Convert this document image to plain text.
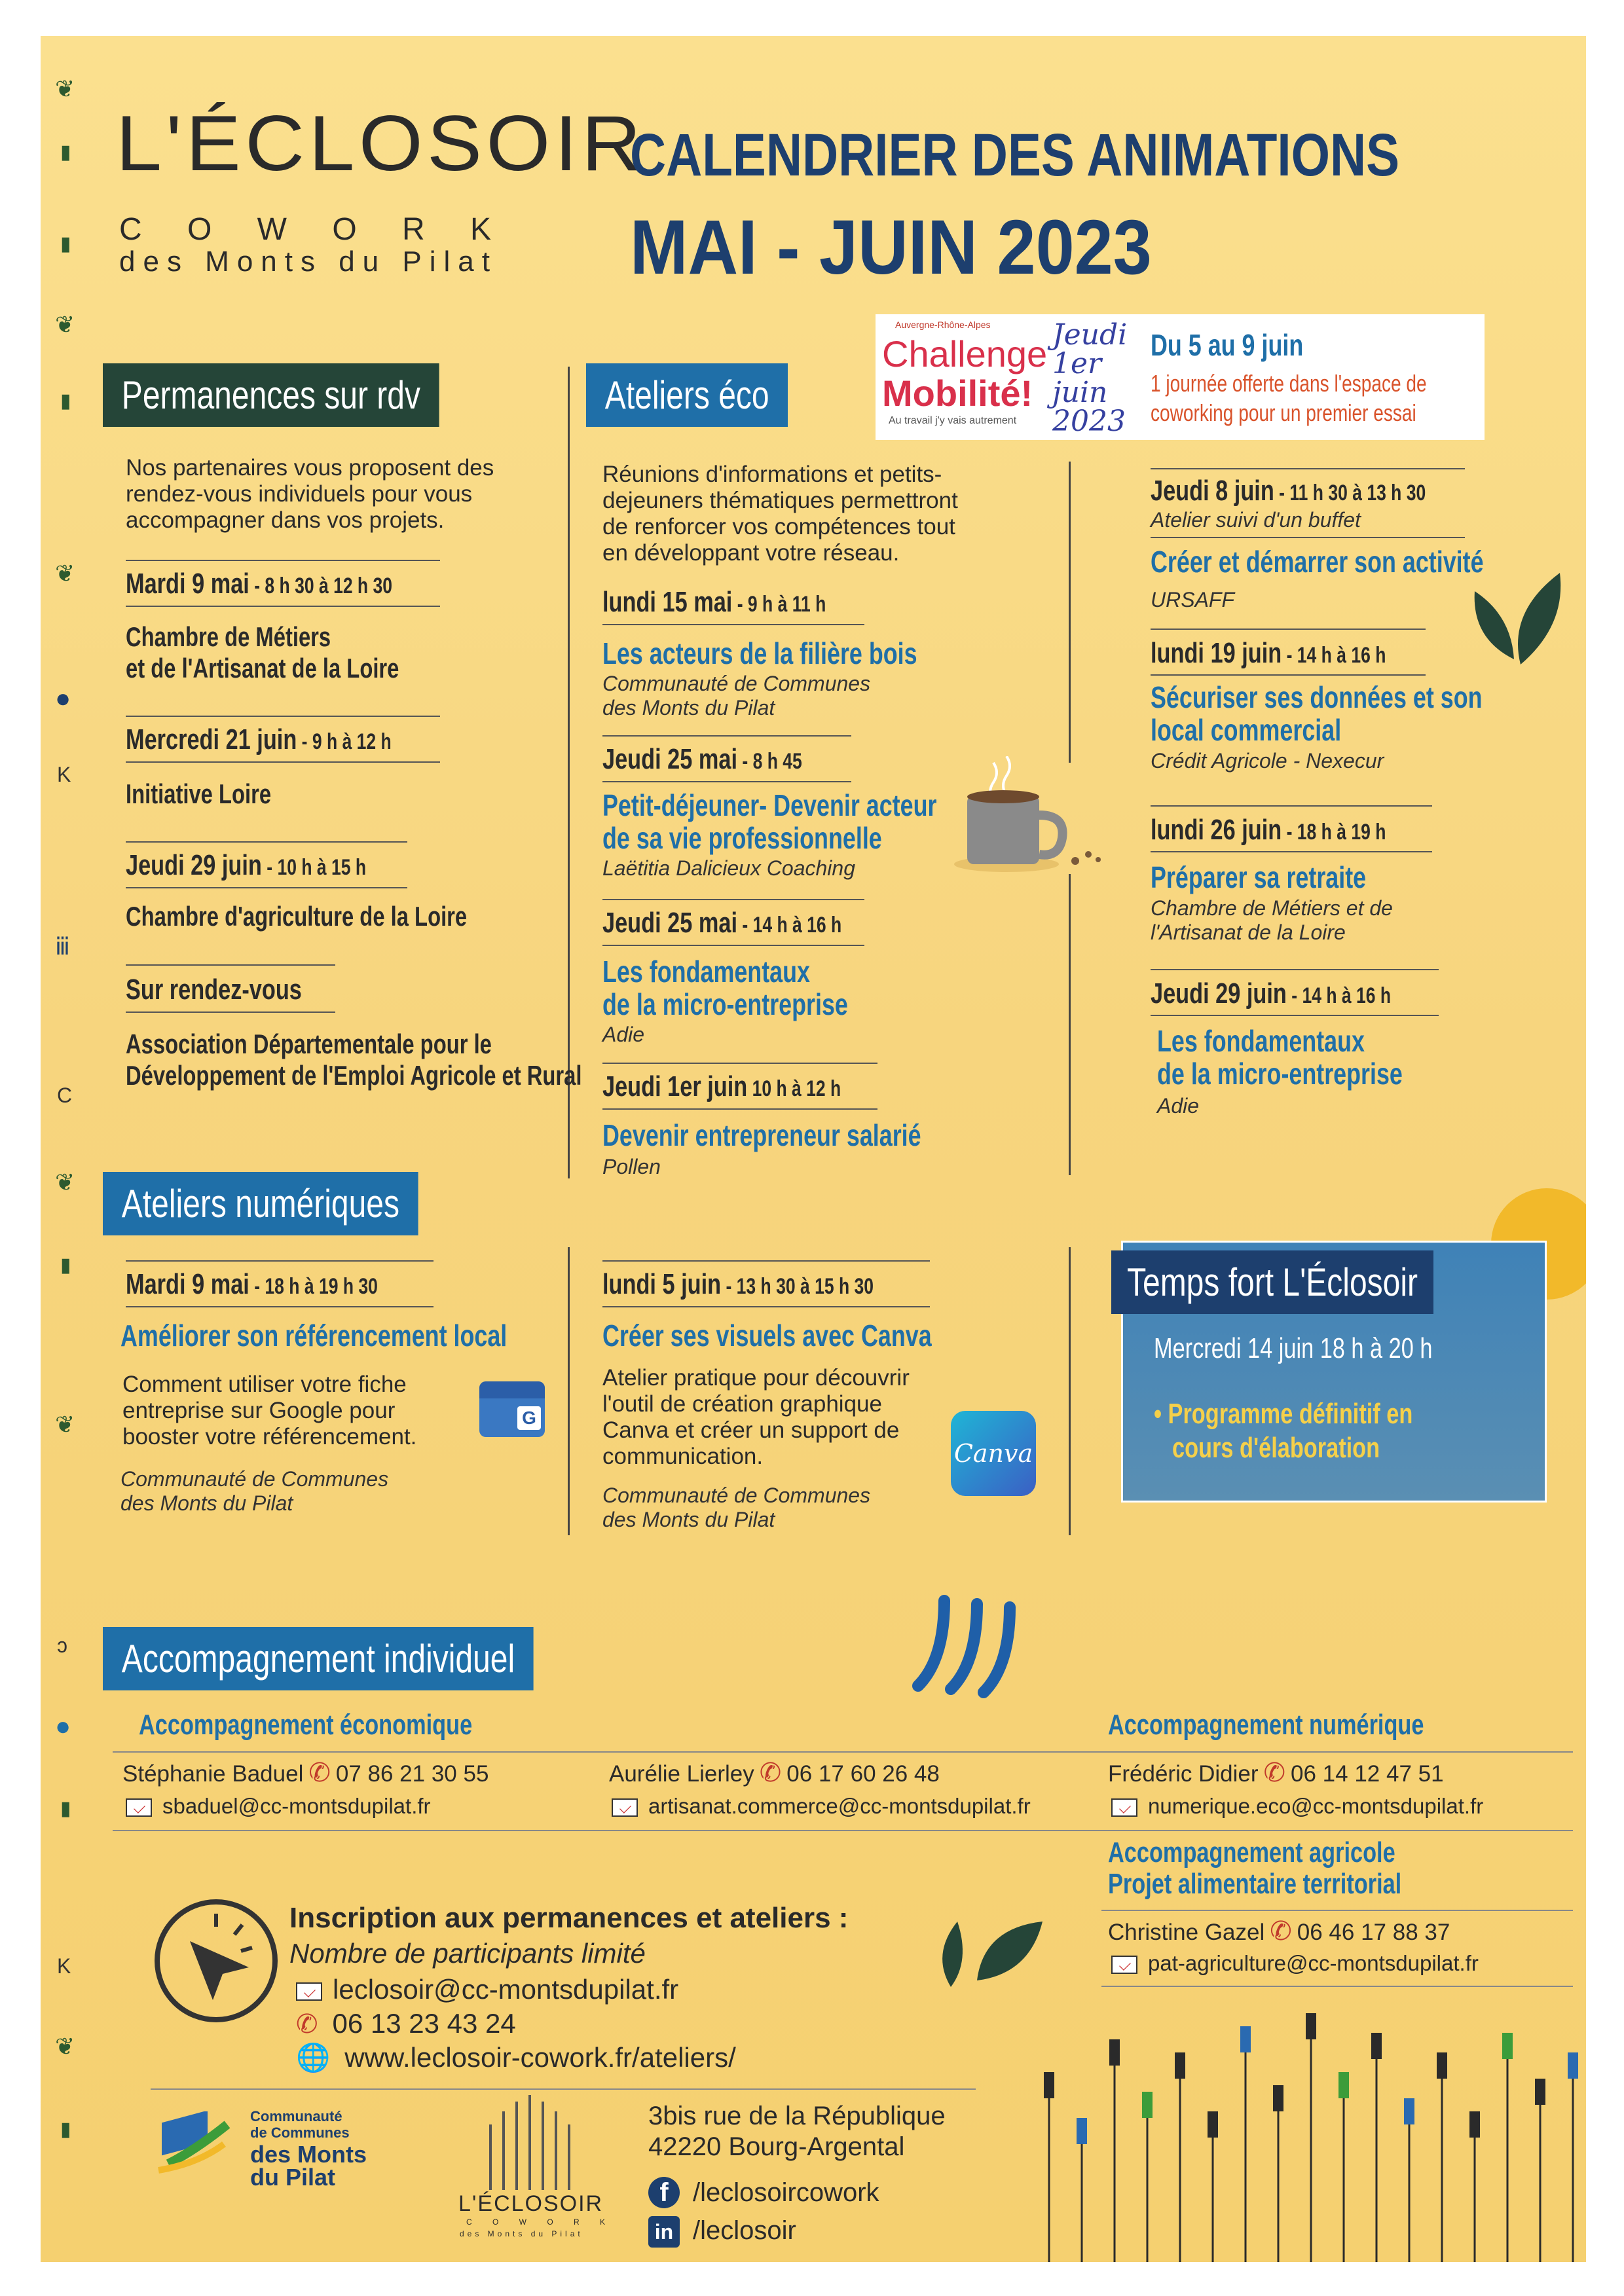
❦
▮
▮
❦
▮
❦
●
K
ⅲ
C
❦
▮
❦
ɔ
●
▮
K
❦
▮
L'ÉCLOSOIR
C O W O R K
des Monts du Pilat
CALENDRIER DES ANIMATIONS
MAI - JUIN 2023
Auvergne-Rhône-Alpes
Challenge
Mobilité!
Au travail j'y vais autrement
Jeudi 1er juin 2023
Du 5 au 9 juin
1 journée offerte dans l'espace de
coworking pour un premier essai
Permanences sur rdv
Nos partenaires vous proposent des
rendez-vous individuels pour vous
accompagner dans vos projets.
Mardi 9 mai - 8 h 30 à 12 h 30
Chambre de Métiers
et de l'Artisanat de la Loire
Mercredi 21 juin - 9 h à 12 h
Initiative Loire
Jeudi 29 juin - 10 h à 15 h
Chambre d'agriculture de la Loire
Sur rendez-vous
Association Départementale pour le
Développement de l'Emploi Agricole et Rural
Ateliers éco
Réunions d'informations et petits-
dejeuners thématiques permettront
de renforcer vos compétences tout
en développant votre réseau.
lundi 15 mai - 9 h à 11 h
Les acteurs de la filière bois
Communauté de Communes
des Monts du Pilat
Jeudi 25 mai - 8 h 45
Petit-déjeuner- Devenir acteur
de sa vie professionnelle
Laëtitia Dalicieux Coaching
Jeudi 25 mai - 14 h à 16 h
Les fondamentaux
de la micro-entreprise
Adie
Jeudi 1er juin 10 h à 12 h
Devenir entrepreneur salarié
Pollen
Jeudi 8 juin - 11 h 30 à 13 h 30
Atelier suivi d'un buffet
Créer et démarrer son activité
URSAFF
lundi 19 juin - 14 h à 16 h
Sécuriser ses données et son
local commercial
Crédit Agricole - Nexecur
lundi 26 juin - 18 h à 19 h
Préparer sa retraite
Chambre de Métiers et de
l'Artisanat de la Loire
Jeudi 29 juin - 14 h à 16 h
Les fondamentaux
de la micro-entreprise
Adie
Ateliers numériques
Mardi 9 mai - 18 h à 19 h 30
Améliorer son référencement local
Comment utiliser votre fiche
entreprise sur Google pour
booster votre référencement.
Communauté de Communes
des Monts du Pilat
G
lundi 5 juin - 13 h 30 à 15 h 30
Créer ses visuels avec Canva
Atelier pratique pour découvrir
l'outil de création graphique
Canva et créer un support de
communication.
Communauté de Communes
des Monts du Pilat
Canva
Temps fort L'Éclosoir
Mercredi 14 juin 18 h à 20 h
• Programme définitif en
cours d'élaboration
Accompagnement individuel
Accompagnement économique	Accompagnement numérique
Stéphanie Baduel ✆ 07 86 21 30 55
sbaduel@cc-montsdupilat.fr
Aurélie Lierley ✆ 06 17 60 26 48
artisanat.commerce@cc-montsdupilat.fr
Frédéric Didier ✆ 06 14 12 47 51
numerique.eco@cc-montsdupilat.fr
Accompagnement agricole
Projet alimentaire territorial
Christine Gazel ✆ 06 46 17 88 37
pat-agriculture@cc-montsdupilat.fr
Inscription aux permanences et ateliers :
Nombre de participants limité
leclosoir@cc-montsdupilat.fr
✆ 06 13 23 43 24
🌐 www.leclosoir-cowork.fr/ateliers/
Communauté
de Communes
des Monts
du Pilat
L'ÉCLOSOIR
C O W O R K
des Monts du Pilat
3bis rue de la République
42220 Bourg-Argental
f /leclosoircowork
in /leclosoir
